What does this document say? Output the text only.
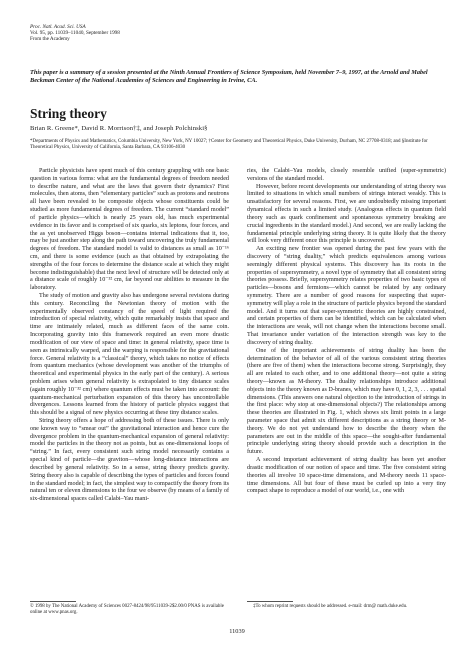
Proc. Natl. Acad. Sci. USA
Vol. 95, pp. 11039–11040, September 1998
From the Academy
This paper is a summary of a session presented at the Ninth Annual Frontiers of Science Symposium, held November 7–9, 1997, at the Arnold and Mabel Beckman Center of the National Academies of Sciences and Engineering in Irvine, CA.
String theory
Brian R. Greene*, David R. Morrison†‡, and Joseph Polchinski§
*Departments of Physics and Mathematics, Columbia University, New York, NY 10027; †Center for Geometry and Theoretical Physics, Duke University, Durham, NC 27708-0318; and §Institute for Theoretical Physics, University of California, Santa Barbara, CA 93106-4030

Particle physicists have spent much of this century grappling with one basic question in various forms: what are the fundamental degrees of freedom needed to describe nature, and what are the laws that govern their dynamics? First molecules, then atoms, then “elementary particles” such as protons and neutrons all have been revealed to be composite objects whose constituents could be studied as more fundamental degrees of freedom. The current “standard model” of particle physics—which is nearly 25 years old, has much experimental evidence in its favor and is comprised of six quarks, six leptons, four forces, and the as yet unobserved Higgs boson—contains internal indications that it, too, may be just another step along the path toward uncovering the truly fundamental degrees of freedom. The standard model is valid to distances as small as 10⁻¹⁶ cm, and there is some evidence (such as that obtained by extrapolating the strengths of the four forces to determine the distance scale at which they might become indistinguishable) that the next level of structure will be detected only at a distance scale of roughly 10⁻³² cm, far beyond our abilities to measure in the laboratory.

The study of motion and gravity also has undergone several revisions during this century. Reconciling the Newtonian theory of motion with the experimentally observed constancy of the speed of light required the introduction of special relativity, which quite remarkably insists that space and time are intimately related, much as different faces of the same coin. Incorporating gravity into this framework required an even more drastic modification of our view of space and time: in general relativity, space time is seen as intrinsically warped, and the warping is responsible for the gravitational force. General relativity is a “classical” theory, which takes no notice of effects from quantum mechanics (whose development was another of the triumphs of theoretical and experimental physics in the early part of the century). A serious problem arises when general relativity is extrapolated to tiny distance scales (again roughly 10⁻³² cm) where quantum effects must be taken into account: the quantum-mechanical perturbation expansion of this theory has uncontrollable divergences. Lessons learned from the history of particle physics suggest that this should be a signal of new physics occurring at these tiny distance scales.

String theory offers a hope of addressing both of these issues. There is only one known way to “smear out” the gravitational interaction and hence cure the divergence problem in the quantum-mechanical expansion of general relativity: model the particles in the theory not as points, but as one-dimensional loops of “string.” In fact, every consistent such string model necessarily contains a special kind of particle—the graviton—whose long-distance interactions are described by general relativity. So in a sense, string theory predicts gravity. String theory also is capable of describing the types of particles and forces found in the standard model; in fact, the simplest way to compactify the theory from its natural ten or eleven dimensions to the four we observe (by means of a family of six-dimensional spaces called Calabi–Yau mani-

ries, the Calabi–Yau models, closely resemble unified (super-symmetric) versions of the standard model.

However, before recent developments our understanding of string theory was limited to situations in which small numbers of strings interact weakly. This is unsatisfactory for several reasons. First, we are undoubtedly missing important dynamical effects in such a limited study. (Analogous effects in quantum field theory such as quark confinement and spontaneous symmetry breaking are crucial ingredients in the standard model.) And second, we are really lacking the fundamental principle underlying string theory. It is quite likely that the theory will look very different once this principle is uncovered.

An exciting new frontier was opened during the past few years with the discovery of “string duality,” which predicts equivalences among various seemingly different physical systems. This discovery has its roots in the properties of supersymmetry, a novel type of symmetry that all consistent string theories possess. Briefly, supersymmetry relates properties of two basic types of particles—bosons and fermions—which cannot be related by any ordinary symmetry. There are a number of good reasons for suspecting that super-symmetry will play a role in the structure of particle physics beyond the standard model. And it turns out that super-symmetric theories are highly constrained, and certain properties of them can be identified, which can be calculated when the interactions are weak, will not change when the interactions become small. That invariance under variation of the interaction strength was key to the discovery of string duality.

One of the important achievements of string duality has been the determination of the behavior of all of the various consistent string theories (there are five of them) when the interactions become strong. Surprisingly, they all are related to each other, and to one additional theory—not quite a string theory—known as M-theory. The duality relationships introduce additional objects into the theory known as D-branes, which may have 0, 1, 2, 3, . . . spatial dimensions. (This answers one natural objection to the introduction of strings in the first place: why stop at one-dimensional objects?) The relationships among these theories are illustrated in Fig. 1, which shows six limit points in a large parameter space that admit six different descriptions as a string theory or M-theory. We do not yet understand how to describe the theory when the parameters are out in the middle of this space—the sought-after fundamental principle underlying string theory should provide such a description in the future.

A second important achievement of string duality has been yet another drastic modification of our notion of space and time. The five consistent string theories all involve 10 space-time dimensions, and M-theory needs 11 space-time dimensions. All but four of these must be curled up into a very tiny compact shape to reproduce a model of our world, i.e., one with

© 1998 by The National Academy of Sciences 0027-8424/98/9511039-2$2.00/0 PNAS is available online at www.pnas.org.
‡To whom reprint requests should be addressed. e-mail: drm@ math.duke.edu.
11039
